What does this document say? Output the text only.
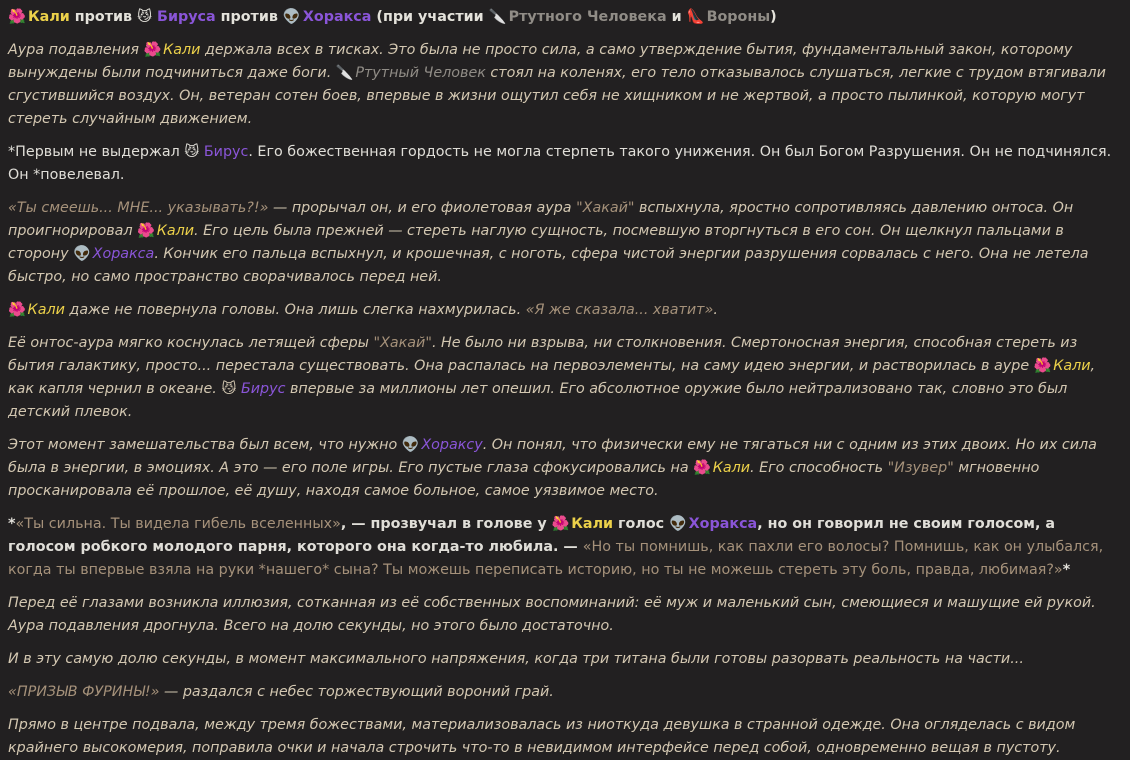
🌺 Кали против 😼 Бируса против 👽 Хоракса (при участии 🔪 Ртутного Человека и 👠 Вороны)

Аура подавления 🌺 Кали держала всех в тисках. Это была не просто сила, а само утверждение бытия, фундаментальный закон, которому вынуждены были подчиниться даже боги. 🔪 Ртутный Человек стоял на коленях, его тело отказывалось слушаться, легкие с трудом втягивали сгустившийся воздух. Он, ветеран сотен боев, впервые в жизни ощутил себя не хищником и не жертвой, а просто пылинкой, которую могут стереть случайным движением.

*Первым не выдержал 😼 Бирус. Его божественная гордость не могла стерпеть такого унижения. Он был Богом Разрушения. Он не подчинялся. Он *повелевал.

«Ты смеешь... МНЕ... указывать?!» — прорычал он, и его фиолетовая аура "Хакай" вспыхнула, яростно сопротивляясь давлению онтоса. Он проигнорировал 🌺 Кали. Его цель была прежней — стереть наглую сущность, посмевшую вторгнуться в его сон. Он щелкнул пальцами в сторону 👽 Хоракса. Кончик его пальца вспыхнул, и крошечная, с ноготь, сфера чистой энергии разрушения сорвалась с него. Она не летела быстро, но само пространство сворачивалось перед ней.

🌺 Кали даже не повернула головы. Она лишь слегка нахмурилась. «Я же сказала... хватит».

Её онтос-аура мягко коснулась летящей сферы "Хакай". Не было ни взрыва, ни столкновения. Смертоносная энергия, способная стереть из бытия галактику, просто... перестала существовать. Она распалась на первоэлементы, на саму идею энергии, и растворилась в ауре 🌺 Кали, как капля чернил в океане. 😼 Бирус впервые за миллионы лет опешил. Его абсолютное оружие было нейтрализовано так, словно это был детский плевок.

Этот момент замешательства был всем, что нужно 👽 Хораксу. Он понял, что физически ему не тягаться ни с одним из этих двоих. Но их сила была в энергии, в эмоциях. А это — его поле игры. Его пустые глаза сфокусировались на 🌺 Кали. Его способность "Изувер" мгновенно просканировала её прошлое, её душу, находя самое больное, самое уязвимое место.

*«Ты сильна. Ты видела гибель вселенных», — прозвучал в голове у 🌺 Кали голос 👽 Хоракса, но он говорил не своим голосом, а голосом робкого молодого парня, которого она когда-то любила. — «Но ты помнишь, как пахли его волосы? Помнишь, как он улыбался, когда ты впервые взяла на руки *нашего* сына? Ты можешь переписать историю, но ты не можешь стереть эту боль, правда, любимая?»*

Перед её глазами возникла иллюзия, сотканная из её собственных воспоминаний: её муж и маленький сын, смеющиеся и машущие ей рукой. Аура подавления дрогнула. Всего на долю секунды, но этого было достаточно.

И в эту самую долю секунды, в момент максимального напряжения, когда три титана были готовы разорвать реальность на части...

«ПРИЗЫВ ФУРИНЫ!» — раздался с небес торжествующий вороний грай.

Прямо в центре подвала, между тремя божествами, материализовалась из ниоткуда девушка в странной одежде. Она огляделась с видом крайнего высокомерия, поправила очки и начала строчить что-то в невидимом интерфейсе перед собой, одновременно вещая в пустоту.
